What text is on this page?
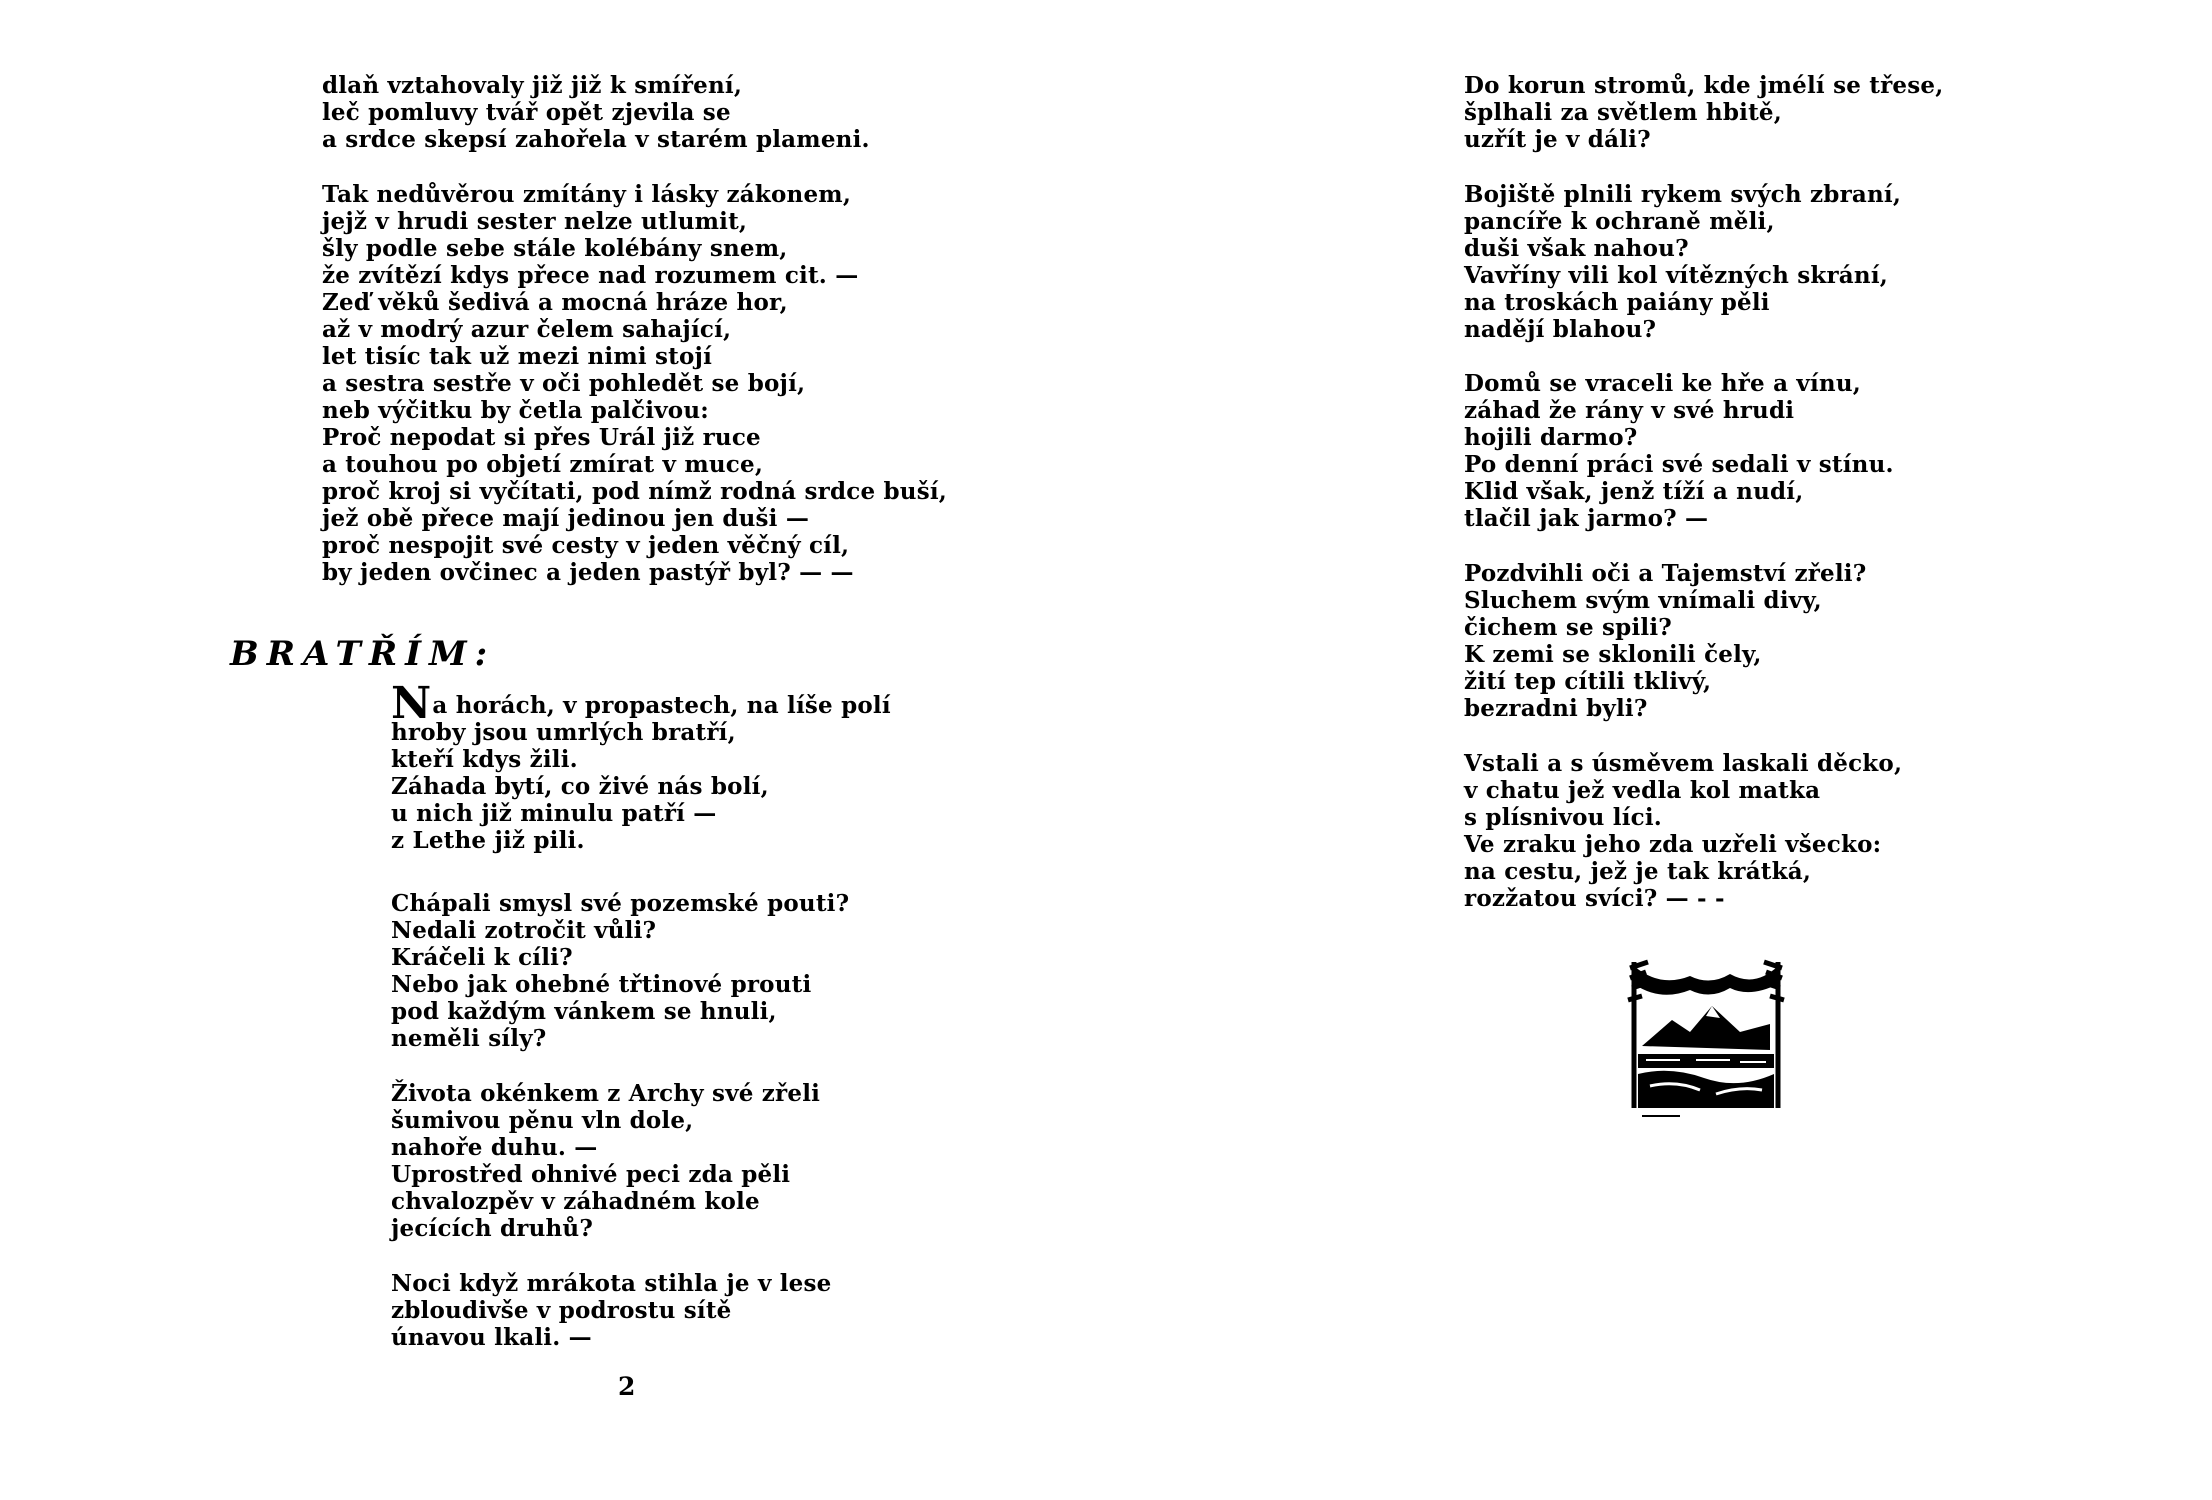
dlaň vztahovaly již již k smíření,
leč pomluvy tvář opět zjevila se
a srdce skepsí zahořela v starém plameni.
Tak nedůvěrou zmítány i lásky zákonem,
jejž v hrudi sester nelze utlumit,
šly podle sebe stále kolébány snem,
že zvítězí kdys přece nad rozumem cit. —
Zeď věků šedivá a mocná hráze hor,
až v modrý azur čelem sahající,
let tisíc tak už mezi nimi stojí
a sestra sestře v oči pohledět se bojí,
neb výčitku by četla palčivou:
Proč nepodat si přes Urál již ruce
a touhou po objetí zmírat v muce,
proč kroj si vyčítati, pod nímž rodná srdce buší,
jež obě přece mají jedinou jen duši —
proč nespojit své cesty v jeden věčný cíl,
by jeden ovčinec a jeden pastýř byl? — —
BRATŘÍM:
Na horách, v propastech, na líše polí
hroby jsou umrlých bratří,
kteří kdys žili.
Záhada bytí, co živé nás bolí,
u nich již minulu patří —
z Lethe již pili.
Chápali smysl své pozemské pouti?
Nedali zotročit vůli?
Kráčeli k cíli?
Nebo jak ohebné třtinové prouti
pod každým vánkem se hnuli,
neměli síly?
Života okénkem z Archy své zřeli
šumivou pěnu vln dole,
nahoře duhu. —
Uprostřed ohnivé peci zda pěli
chvalozpěv v záhadném kole
jecících druhů?
Noci když mrákota stihla je v lese
zbloudivše v podrostu sítě
únavou lkali. —
2
Do korun stromů, kde jmélí se třese,
šplhali za světlem hbitě,
uzřít je v dáli?
Bojiště plnili rykem svých zbraní,
pancíře k ochraně měli,
duši však nahou?
Vavříny vili kol vítězných skrání,
na troskách paiány pěli
nadějí blahou?
Domů se vraceli ke hře a vínu,
záhad že rány v své hrudi
hojili darmo?
Po denní práci své sedali v stínu.
Klid však, jenž tíží a nudí,
tlačil jak jarmo? —
Pozdvihli oči a Tajemství zřeli?
Sluchem svým vnímali divy,
čichem se spili?
K zemi se sklonili čely,
žití tep cítili tklivý,
bezradni byli?
Vstali a s úsměvem laskali děcko,
v chatu jež vedla kol matka
s plísnivou líci.
Ve zraku jeho zda uzřeli všecko:
na cestu, jež je tak krátká,
rozžatou svíci? — - -
